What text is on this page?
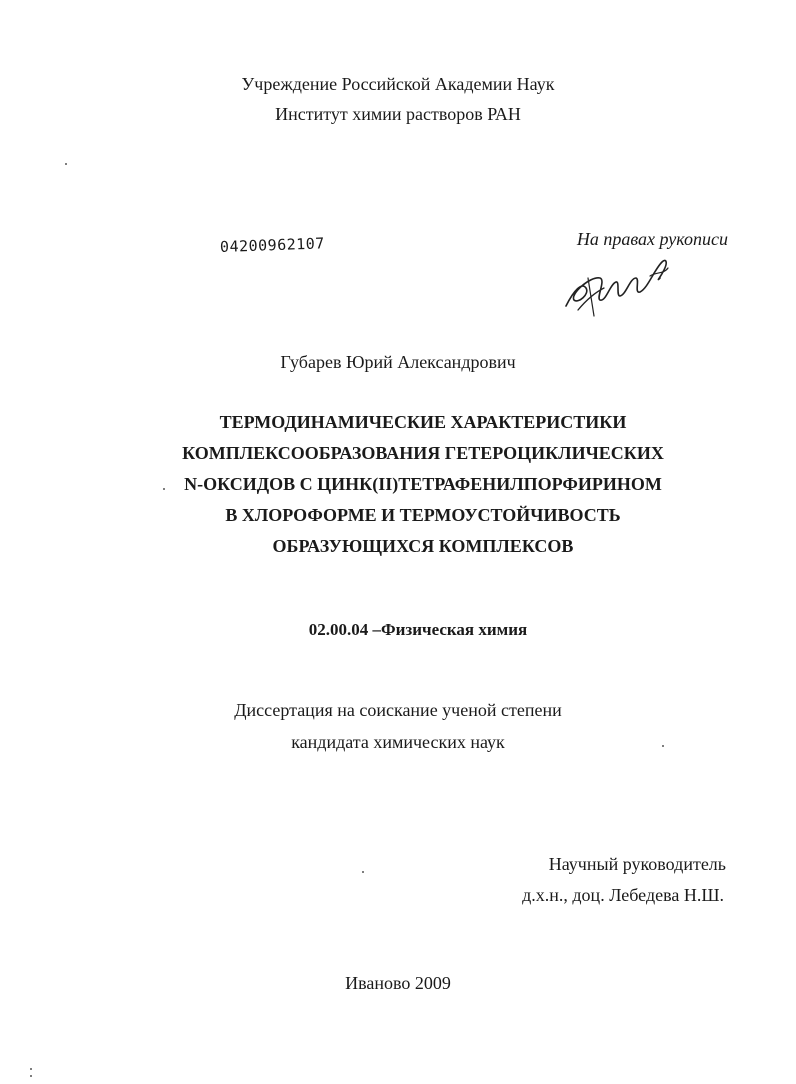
Учреждение Российской Академии Наук
Институт химии растворов РАН
04200962107	На правах рукописи
Губарев Юрий Александрович
ТЕРМОДИНАМИЧЕСКИЕ ХАРАКТЕРИСТИКИ
КОМПЛЕКСООБРАЗОВАНИЯ ГЕТЕРОЦИКЛИЧЕСКИХ
N-ОКСИДОВ С ЦИНК(II)ТЕТРАФЕНИЛПОРФИРИНОМ
В ХЛОРОФОРМЕ И ТЕРМОУСТОЙЧИВОСТЬ
ОБРАЗУЮЩИХСЯ КОМПЛЕКСОВ
02.00.04 –Физическая химия
Диссертация на соискание ученой степени
кандидата химических наук
Научный руководитель
д.х.н., доц. Лебедева Н.Ш.
Иваново 2009
